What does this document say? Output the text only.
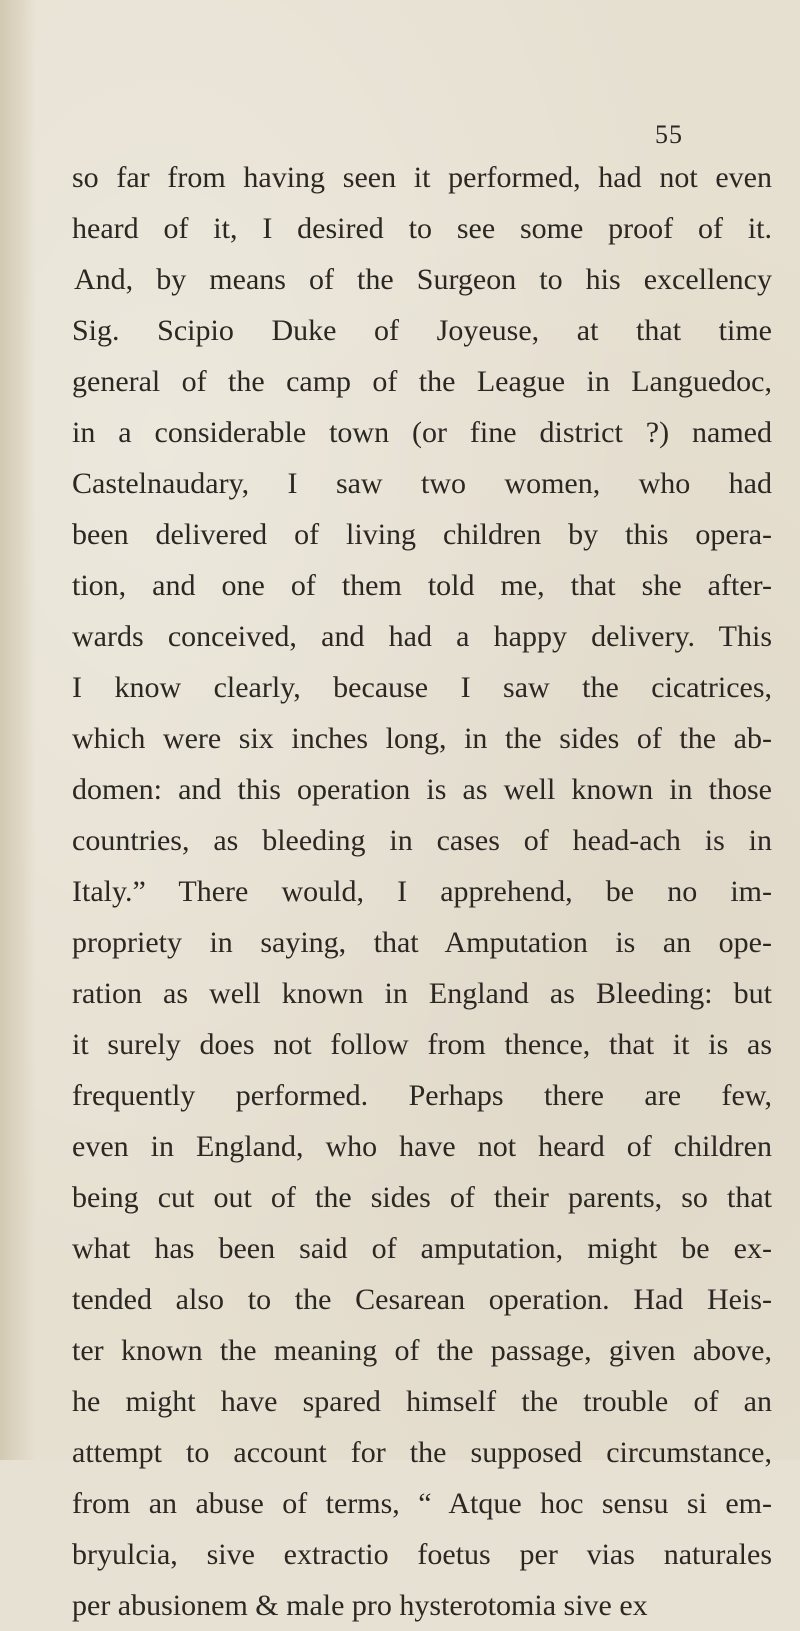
55
so far from having seen it performed, had not even
heard of it, I desired to see some proof of it.
And, by means of the Surgeon to his excellency
Sig. Scipio Duke of Joyeuse, at that time
general of the camp of the League in Languedoc,
in a considerable town (or fine district ?) named
Castelnaudary, I saw two women, who had
been delivered of living children by this opera-
tion, and one of them told me, that she after-
wards conceived, and had a happy delivery. This
I know clearly, because I saw the cicatrices,
which were six inches long, in the sides of the ab-
domen: and this operation is as well known in those
countries, as bleeding in cases of head-ach is in
Italy.” There would, I apprehend, be no im-
propriety in saying, that Amputation is an ope-
ration as well known in England as Bleeding: but
it surely does not follow from thence, that it is as
frequently performed. Perhaps there are few,
even in England, who have not heard of children
being cut out of the sides of their parents, so that
what has been said of amputation, might be ex-
tended also to the Cesarean operation. Had Heis-
ter known the meaning of the passage, given above,
he might have spared himself the trouble of an
attempt to account for the supposed circumstance,
from an abuse of terms, “ Atque hoc sensu si em-
bryulcia, sive extractio foetus per vias naturales
per abusionem & male pro hysterotomia sive ex
